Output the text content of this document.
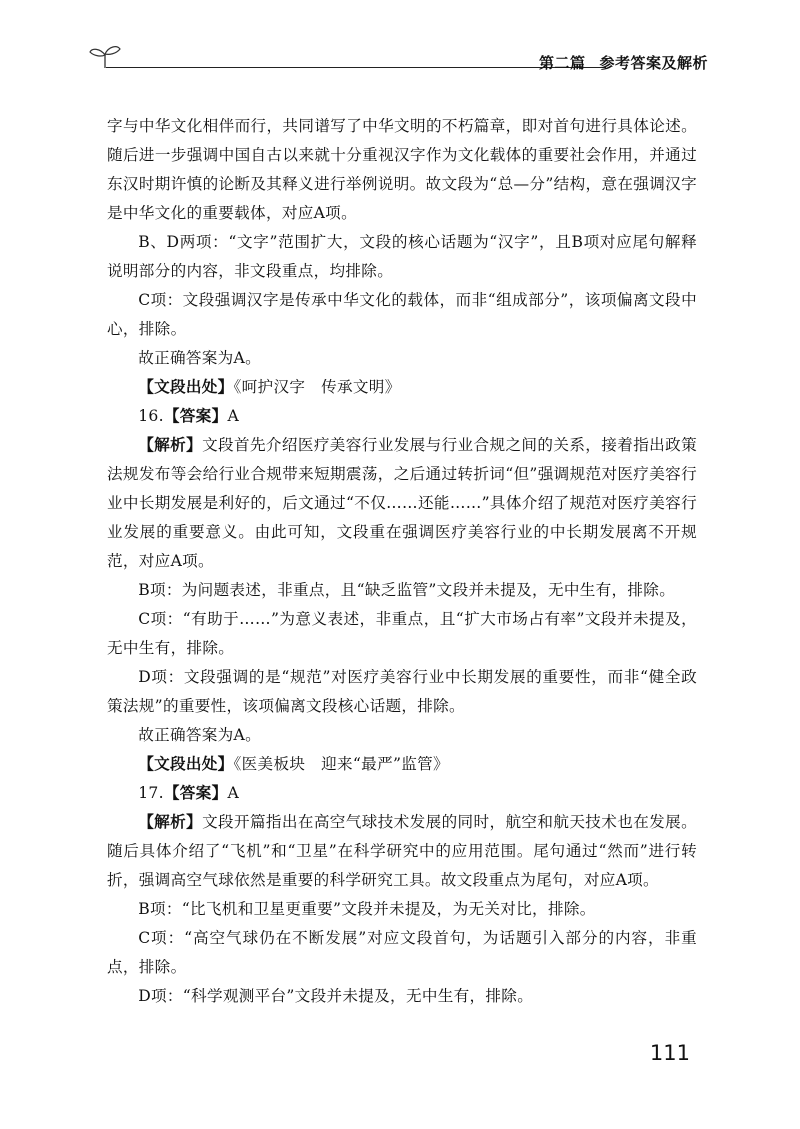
第二篇 参考答案及解析

字与中华文化相伴而行，共同谱写了中华文明的不朽篇章，即对首句进行具体论述。随后进一步强调中国自古以来就十分重视汉字作为文化载体的重要社会作用，并通过东汉时期许慎的论断及其释义进行举例说明。故文段为“总—分”结构，意在强调汉字是中华文化的重要载体，对应A项。

B、D两项：“文字”范围扩大，文段的核心话题为“汉字”，且B项对应尾句解释说明部分的内容，非文段重点，均排除。

C项：文段强调汉字是传承中华文化的载体，而非“组成部分”，该项偏离文段中心，排除。

故正确答案为A。

【文段出处】《呵护汉字　传承文明》

16.【答案】A

【解析】文段首先介绍医疗美容行业发展与行业合规之间的关系，接着指出政策法规发布等会给行业合规带来短期震荡，之后通过转折词“但”强调规范对医疗美容行业中长期发展是利好的，后文通过“不仅……还能……”具体介绍了规范对医疗美容行业发展的重要意义。由此可知，文段重在强调医疗美容行业的中长期发展离不开规范，对应A项。

B项：为问题表述，非重点，且“缺乏监管”文段并未提及，无中生有，排除。

C项：“有助于……”为意义表述，非重点，且“扩大市场占有率”文段并未提及，无中生有，排除。

D项：文段强调的是“规范”对医疗美容行业中长期发展的重要性，而非“健全政策法规”的重要性，该项偏离文段核心话题，排除。

故正确答案为A。

【文段出处】《医美板块　迎来“最严”监管》

17.【答案】A

【解析】文段开篇指出在高空气球技术发展的同时，航空和航天技术也在发展。随后具体介绍了“飞机”和“卫星”在科学研究中的应用范围。尾句通过“然而”进行转折，强调高空气球依然是重要的科学研究工具。故文段重点为尾句，对应A项。

B项：“比飞机和卫星更重要”文段并未提及，为无关对比，排除。

C项：“高空气球仍在不断发展”对应文段首句，为话题引入部分的内容，非重点，排除。

D项：“科学观测平台”文段并未提及，无中生有，排除。

111
